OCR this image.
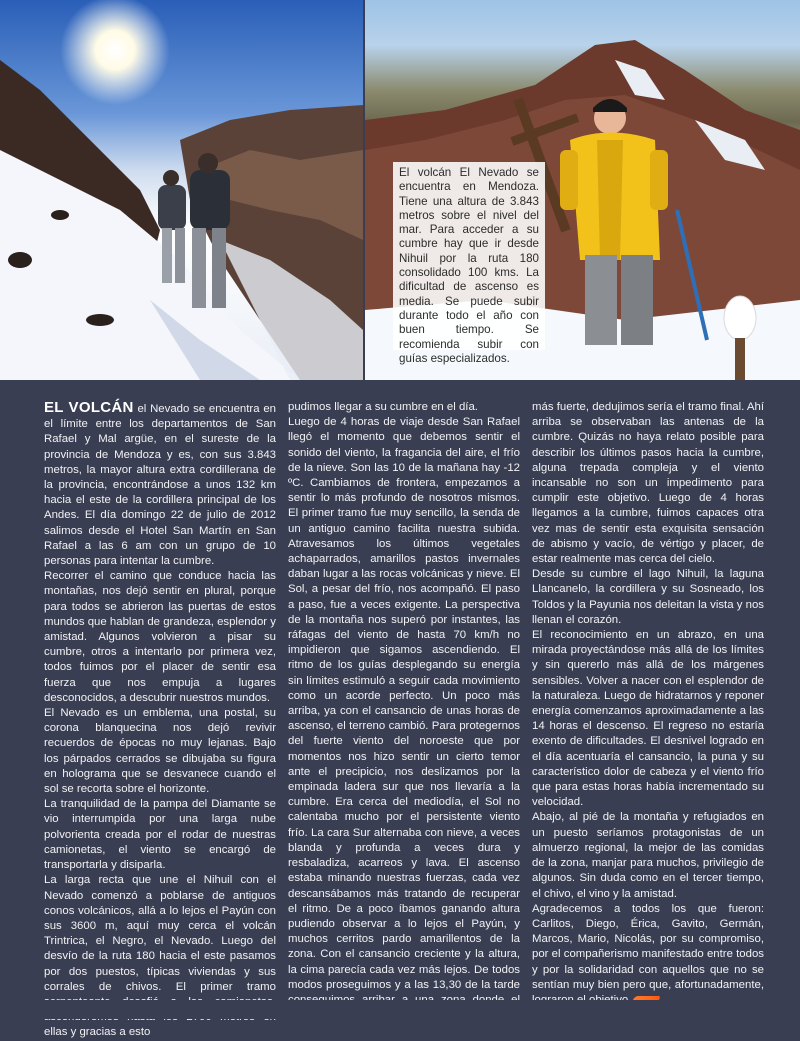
El volcán El Nevado se encuentra en Mendoza. Tiene una altura de 3.843 metros sobre el nivel del mar. Para acceder a su cumbre hay que ir desde Nihuil por la ruta 180 consolidado 100 kms. La dificultad de ascenso es media. Se puede subir durante todo el año con buen tiempo. Se recomienda subir con guías especializados.

EL VOLCÁN el Nevado se encuentra en el límite entre los departamentos de San Rafael y Mal argüe, en el sureste de la provincia de Mendoza y es, con sus 3.843 metros, la mayor altura extra cordillerana de la provincia, encontrándose a unos 132 km hacia el este de la cordillera principal de los Andes. El día domingo 22 de julio de 2012 salimos desde el Hotel San Martín en San Rafael a las 6 am con un grupo de 10 personas para intentar la cumbre.

Recorrer el camino que conduce hacia las montañas, nos dejó sentir en plural, porque para todos se abrieron las puertas de estos mundos que hablan de grandeza, esplendor y amistad. Algunos volvieron a pisar su cumbre, otros a intentarlo por primera vez, todos fuimos por el placer de sentir esa fuerza que nos empuja a lugares desconocidos, a descubrir nuestros mundos.

El Nevado es un emblema, una postal, su corona blanquecina nos dejó revivir recuerdos de épocas no muy lejanas. Bajo los párpados cerrados se dibujaba su figura en holograma que se desvanece cuando el sol se recorta sobre el horizonte.

La tranquilidad de la pampa del Diamante se vio interrumpida por una larga nube polvorienta creada por el rodar de nuestras camionetas, el viento se encargó de transportarla y disiparla.

La larga recta que une el Nihuil con el Nevado comenzó a poblarse de antiguos conos volcánicos, allá a lo lejos el Payún con sus 3600 m, aquí muy cerca el volcán Trintrica, el Negro, el Nevado. Luego del desvío de la ruta 180 hacia el este pasamos por dos puestos, típicas viviendas y sus corrales de chivos. El primer tramo ellas y gracias a esto

pudimos llegar a su cumbre en el día.

Luego de 4 horas de viaje desde San Rafael llegó el momento que debemos sentir el sonido del viento, la fragancia del aire, el frío de la nieve. Son las 10 de la mañana hay -12 ºC. Cambiamos de frontera, empezamos a sentir lo más profundo de nosotros mismos. El primer tramo fue muy sencillo, la senda de un antiguo camino facilita nuestra subida. Atravesamos los últimos vegetales achaparrados, amarillos pastos invernales daban lugar a las rocas volcánicas y nieve. El Sol, a pesar del frío, nos acompañó. El paso a paso, fue a veces exigente. La perspectiva de la montaña nos superó por instantes, las ráfagas del viento de hasta 70 km/h no impidieron que sigamos ascendiendo. El ritmo de los guías desplegando su energía sin límites estimuló a seguir cada movimiento como un acorde perfecto. Un poco más arriba, ya con el cansancio de unas horas de ascenso, el terreno cambió. Para protegernos del fuerte viento del noroeste que por momentos nos hizo sentir un cierto temor ante el precipicio, nos deslizamos por la empinada ladera sur que nos llevaría a la cumbre. Era cerca del mediodía, el Sol no calentaba mucho por el persistente viento frío. La cara Sur alternaba con nieve, a veces blanda y profunda a veces dura y resbaladiza, acarreos y lava. El ascenso estaba minando nuestras fuerzas, cada vez descansábamos más tratando de recuperar el ritmo. De a poco íbamos ganando altura pudiendo observar a lo lejos el Payún, y muchos cerritos pardo amarillentos de la zona. Con el cansancio creciente y la altura, la cima parecía cada vez más lejos. De todos modos proseguimos y a las 13,30 de la tarde

más fuerte, dedujimos sería el tramo final. Ahí arriba se observaban las antenas de la cumbre. Quizás no haya relato posible para describir los últimos pasos hacia la cumbre, alguna trepada compleja y el viento incansable no son un impedimento para cumplir este objetivo. Luego de 4 horas llegamos a la cumbre, fuimos capaces otra vez mas de sentir esta exquisita sensación de abismo y vacío, de vértigo y placer, de estar realmente mas cerca del cielo.

Desde su cumbre el lago Nihuil, la laguna Llancanelo, la cordillera y su Sosneado, los Toldos y la Payunia nos deleitan la vista y nos llenan el corazón.

El reconocimiento en un abrazo, en una mirada proyectándose más allá de los límites y sin quererlo más allá de los márgenes sensibles. Volver a nacer con el esplendor de la naturaleza. Luego de hidratarnos y reponer energía comenzamos aproximadamente a las 14 horas el descenso. El regreso no estaría exento de dificultades. El desnivel logrado en el día acentuaría el cansancio, la puna y su característico dolor de cabeza y el viento frío que para estas horas había incrementado su velocidad.

Abajo, al pié de la montaña y refugiados en un puesto seríamos protagonistas de un almuerzo regional, la mejor de las comidas de la zona, manjar para muchos, privilegio de algunos. Sin duda como en el tercer tiempo, el chivo, el vino y la amistad.

Agradecemos a todos los que fueron: Carlitos, Diego, Érica, Gavito, Germán, Marcos, Mario, Nicolás, por su compromiso, por el compañerismo manifestado entre todos y por la solidaridad con aquellos que no se sentían muy bien pero que, afortunadamente,
